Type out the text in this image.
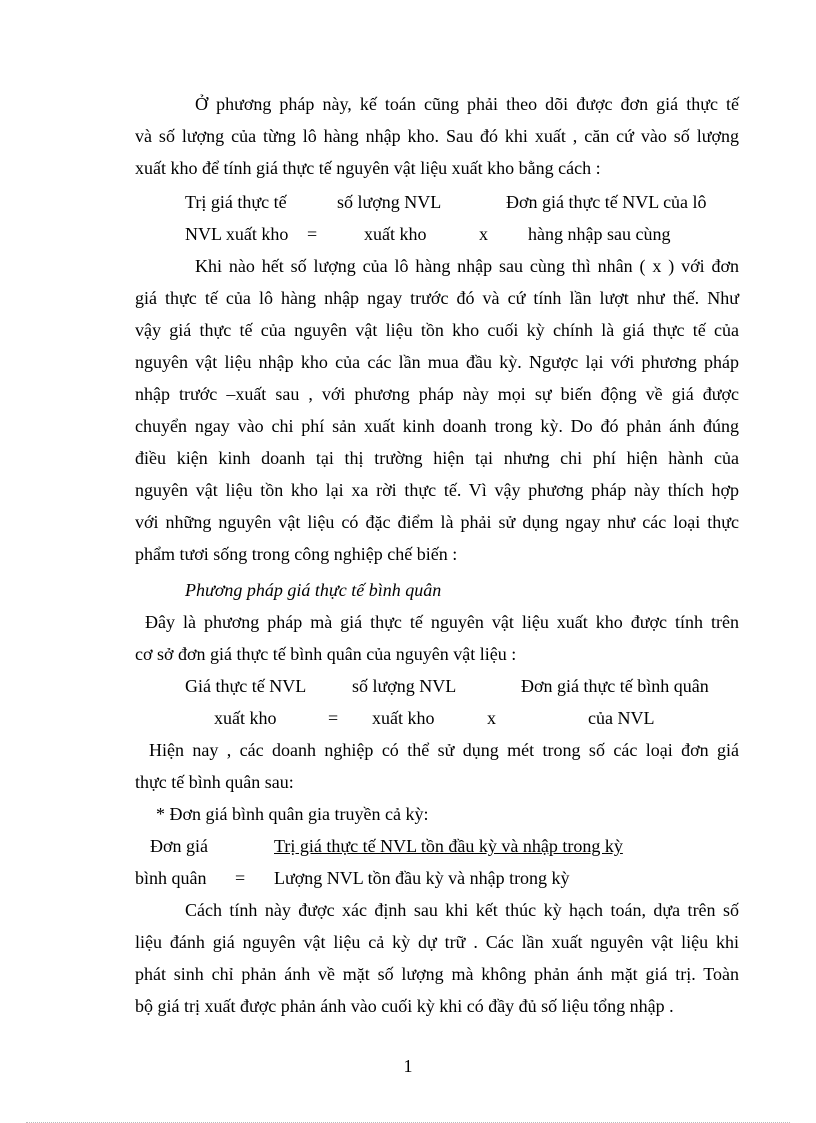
Ở phương pháp này, kế toán cũng phải theo dõi được đơn giá thực tế
và số lượng của từng lô hàng nhập kho. Sau đó khi xuất , căn cứ vào số lượng
xuất kho để tính giá thực tế nguyên vật liệu xuất kho bằng cách :
Trị giá thực tế	số lượng NVL	Đơn giá thực tế NVL của lô
NVL xuất kho =	xuất kho	x hàng nhập sau cùng
Khi nào hết số lượng của lô hàng nhập sau cùng thì nhân ( x ) với đơn
giá thực tế của lô hàng nhập ngay trước đó và cứ tính lần lượt như thế. Như
vậy giá thực tế của nguyên vật liệu tồn kho cuối kỳ chính là giá thực tế của
nguyên vật liệu nhập kho của các lần mua đầu kỳ. Ngược lại với phương pháp
nhập trước –xuất sau , với phương pháp này mọi sự biến động về giá được
chuyển ngay vào chi phí sản xuất kinh doanh trong kỳ. Do đó phản ánh đúng
điều kiện kinh doanh tại thị trường hiện tại nhưng chi phí hiện hành của
nguyên vật liệu tồn kho lại xa rời thực tế. Vì vậy phương pháp này thích hợp
với những nguyên vật liệu có đặc điểm là phải sử dụng ngay như các loại thực
phẩm tươi sống trong công nghiệp chế biến :
Phương pháp giá thực tế bình quân
Đây là phương pháp mà giá thực tế nguyên vật liệu xuất kho được tính trên
cơ sở đơn giá thực tế bình quân của nguyên vật liệu :
Giá thực tế NVL	số lượng NVL	Đơn giá thực tế bình quân
xuất kho	= xuất kho	x	của NVL
Hiện nay , các doanh nghiệp có thể sử dụng mét trong số các loại đơn giá
thực tế bình quân sau:
* Đơn giá bình quân gia truyền cả kỳ:
Đơn giá	Trị giá thực tế NVL tồn đầu kỳ và nhập trong kỳ
bình quân = Lượng NVL tồn đầu kỳ và nhập trong kỳ
Cách tính này được xác định sau khi kết thúc kỳ hạch toán, dựa trên số
liệu đánh giá nguyên vật liệu cả kỳ dự trữ . Các lần xuất nguyên vật liệu khi
phát sinh chỉ phản ánh về mặt số lượng mà không phản ánh mặt giá trị. Toàn
bộ giá trị xuất được phản ánh vào cuối kỳ khi có đầy đủ số liệu tổng nhập .
1
